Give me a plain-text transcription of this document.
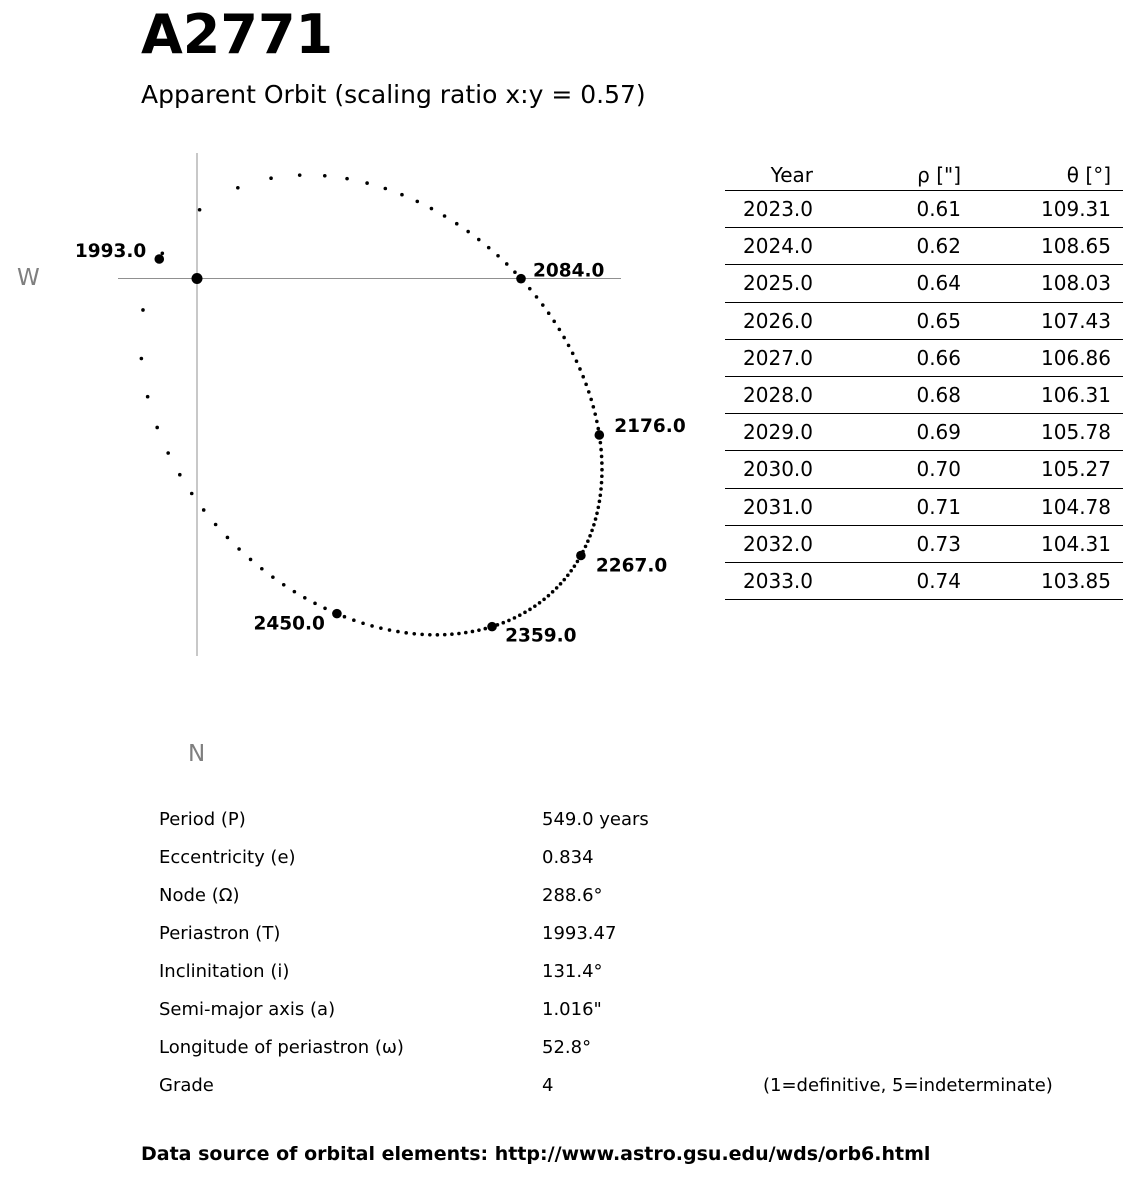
A2771
Apparent Orbit (scaling ratio x:y = 0.57)
1993.0
2084.0
2176.0
2267.0
2359.0
2450.0
W
N
Year	ρ ["]	θ [°]
2023.0	0.61	109.31
2024.0	0.62	108.65
2025.0	0.64	108.03
2026.0	0.65	107.43
2027.0	0.66	106.86
2028.0	0.68	106.31
2029.0	0.69	105.78
2030.0	0.70	105.27
2031.0	0.71	104.78
2032.0	0.73	104.31
2033.0	0.74	103.85
Period (P)	549.0 years
Eccentricity (e)	0.834
Node (Ω)	288.6°
Periastron (T)	1993.47
Inclinitation (i)	131.4°
Semi-major axis (a)	1.016"
Longitude of periastron (ω)	52.8°
Grade	4	(1=definitive, 5=indeterminate)
Data source of orbital elements: http://www.astro.gsu.edu/wds/orb6.html
